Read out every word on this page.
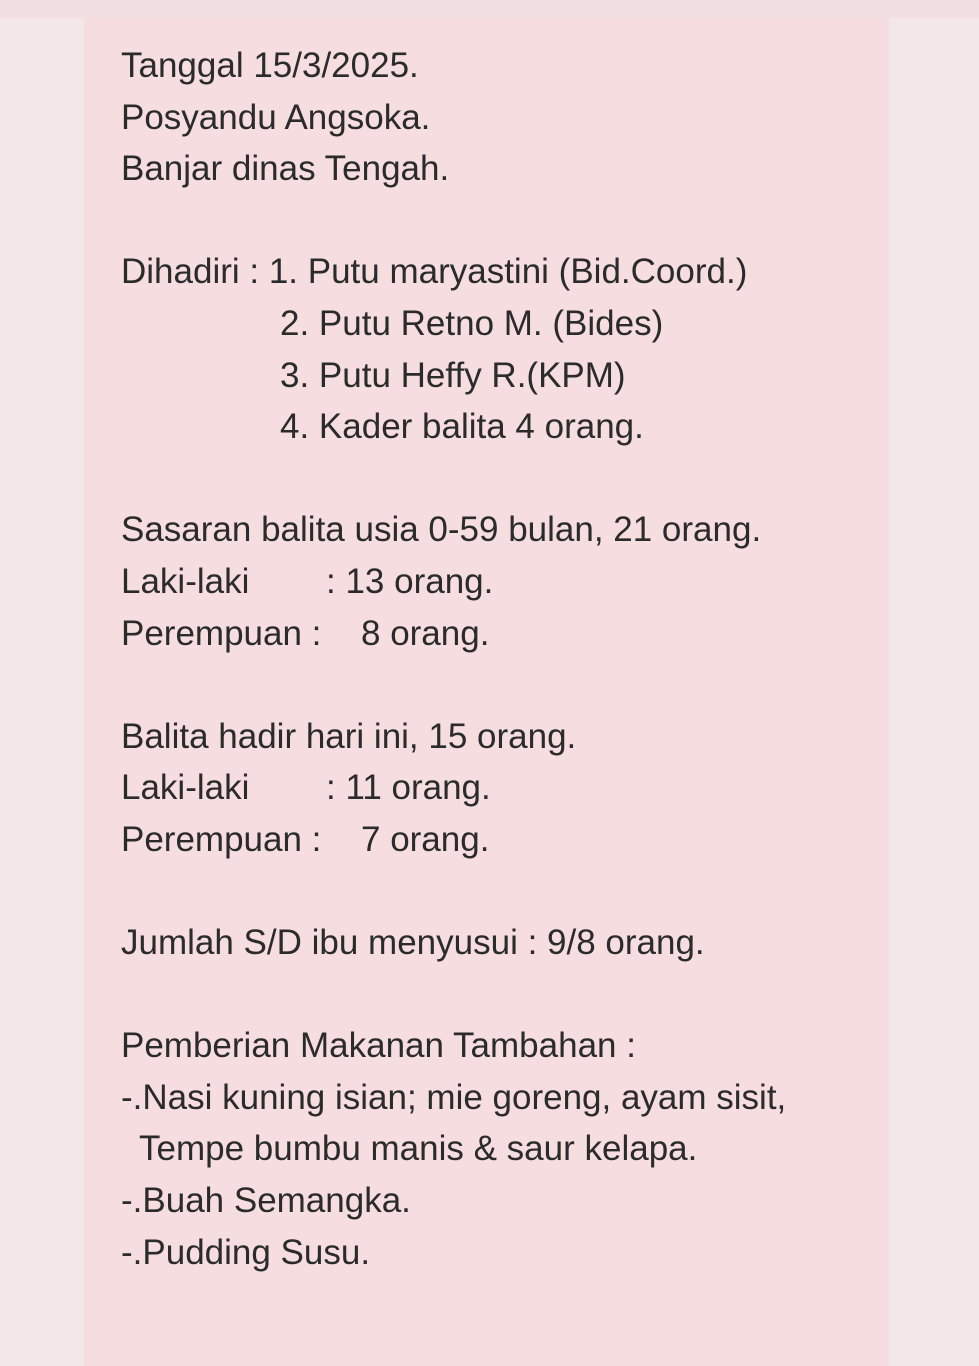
Tanggal 15/3/2025.
Posyandu Angsoka.
Banjar dinas Tengah.
Dihadiri : 1. Putu maryastini (Bid.Coord.)
2. Putu Retno M. (Bides)
3. Putu Heffy R.(KPM)
4. Kader balita 4 orang.
Sasaran balita usia 0-59 bulan, 21 orang.
Laki-laki : 13 orang.
Perempuan : 8 orang.
Balita hadir hari ini, 15 orang.
Laki-laki : 11 orang.
Perempuan : 7 orang.
Jumlah S/D ibu menyusui : 9/8 orang.
Pemberian Makanan Tambahan :
-.Nasi kuning isian; mie goreng, ayam sisit,
Tempe bumbu manis & saur kelapa.
-.Buah Semangka.
-.Pudding Susu.
